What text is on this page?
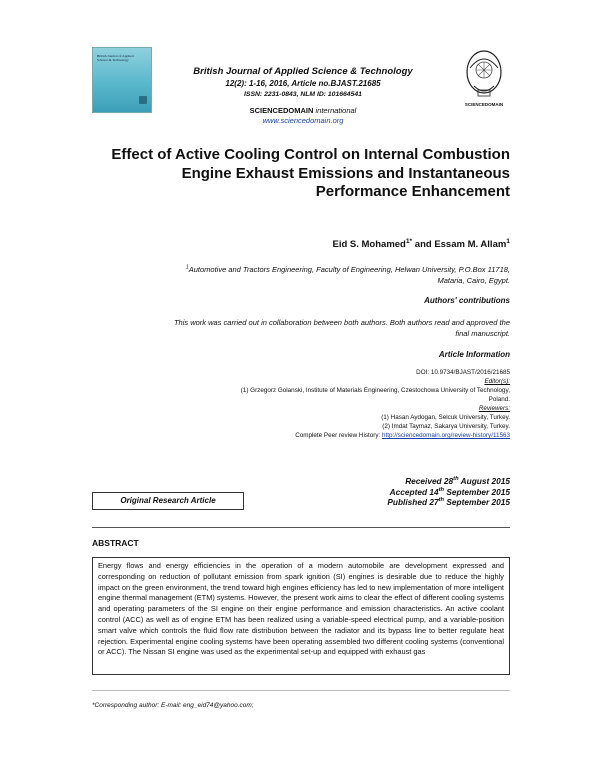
British Journal of Applied Science & Technology
British Journal of Applied Science & Technology
12(2): 1-16, 2016, Article no.BJAST.21685
ISSN: 2231-0843, NLM ID: 101664541
SCIENCEDOMAIN international
www.sciencedomain.org
SCIENCEDOMAIN
Effect of Active Cooling Control on Internal Combustion Engine Exhaust Emissions and Instantaneous Performance Enhancement
Eid S. Mohamed$^{1*}$ and Essam M. Allam$^1$
$^1$Automotive and Tractors Engineering, Faculty of Engineering, Helwan University, P.O.Box 11718,
Mataria, Cairo, Egypt.
Authors' contributions
This work was carried out in collaboration between both authors. Both authors read and approved the
final manuscript.
Article Information
DOI: 10.9734/BJAST/2016/21685
Editor(s):
(1) Grzegorz Golanski, Institute of Materials Engineering, Czestochowa University of Technology,
Poland.
Reviewers:
(1) Hasan Aydogan, Selcuk University, Turkey.
(2) Imdat Taymaz, Sakarya University, Turkey.
Complete Peer review History: http://sciencedomain.org/review-history/11563
Received 28th August 2015
Accepted 14th September 2015
Published 27th September 2015
Original Research Article
ABSTRACT
Energy flows and energy efficiencies in the operation of a modern automobile are development expressed and corresponding on reduction of pollutant emission from spark ignition (SI) engines is desirable due to reduce the highly impact on the green environment, the trend toward high engines efficiency has led to new implementation of more intelligent engine thermal management (ETM) systems. However, the present work aims to clear the effect of different cooling systems and operating parameters of the SI engine on their engine performance and emission characteristics. An active coolant control (ACC) as well as of engine ETM has been realized using a variable-speed electrical pump, and a variable-position smart valve which controls the fluid flow rate distribution between the radiator and its bypass line to better regulate heat rejection. Experimental engine cooling systems have been operating assembled two different cooling systems (conventional or ACC). The Nissan SI engine was used as the experimental set-up and equipped with exhaust gas
*Corresponding author: E-mail: eng_eid74@yahoo.com;
